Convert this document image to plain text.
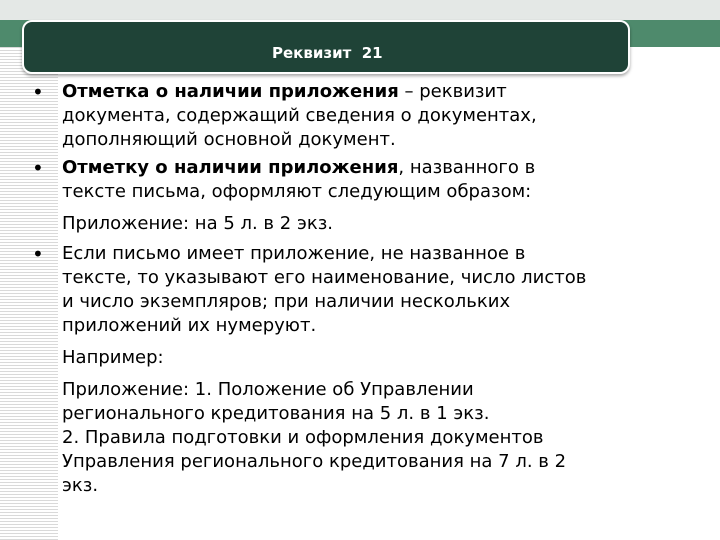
Реквизит  21
• Отметка о наличии приложения – реквизит
документа, содержащий сведения о документах,
дополняющий основной документ.
• Отметку о наличии приложения, названного в
тексте письма, оформляют следующим образом:
Приложение: на 5 л. в 2 экз.
• Если письмо имеет приложение, не названное в
тексте, то указывают его наименование, число листов
и число экземпляров; при наличии нескольких
приложений их нумеруют.
Например:
Приложение: 1. Положение об Управлении
регионального кредитования на 5 л. в 1 экз.
2. Правила подготовки и оформления документов
Управления регионального кредитования на 7 л. в 2
экз.
